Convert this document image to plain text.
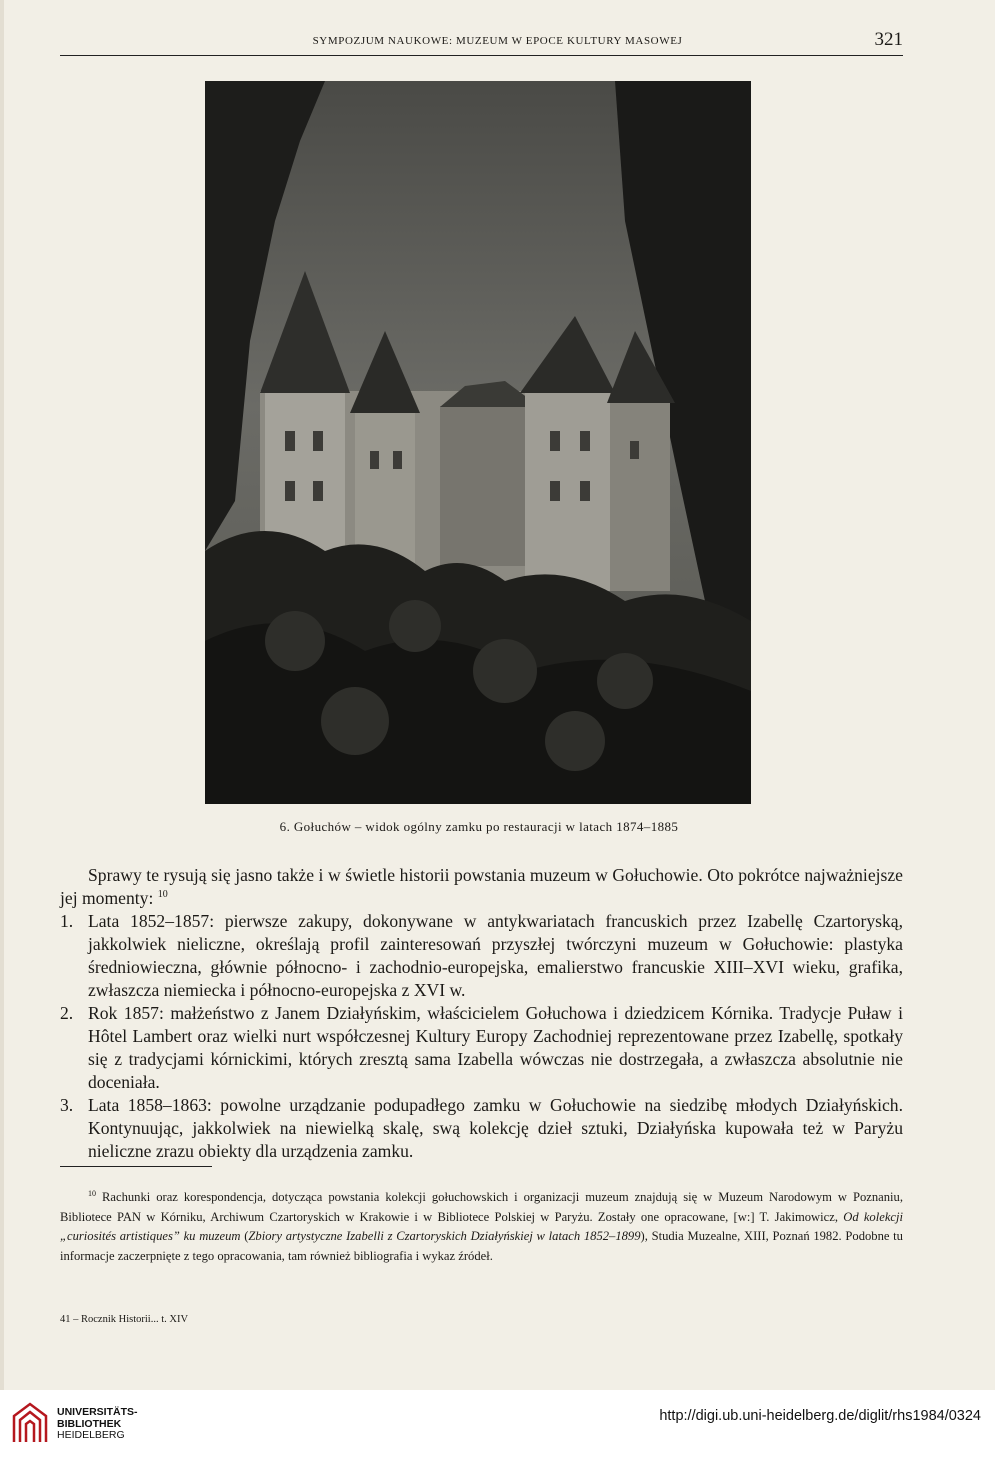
SYMPOZJUM NAUKOWE: MUZEUM W EPOCE KULTURY MASOWEJ	321
6. Gołuchów – widok ogólny zamku po restauracji w latach 1874–1885

Sprawy te rysują się jasno także i w świetle historii powstania muzeum w Gołuchowie. Oto pokrótce najważniejsze jej momenty: $^{10}$

1. Lata 1852–1857: pierwsze zakupy, dokonywane w antykwariatach francuskich przez Izabellę Czartoryską, jakkolwiek nieliczne, określają profil zainteresowań przyszłej twórczyni muzeum w Gołuchowie: plastyka średniowieczna, głównie północno- i zachodnio-europejska, emalierstwo francuskie XIII–XVI wieku, grafika, zwłaszcza niemiecka i północno-europejska z XVI w.
2. Rok 1857: małżeństwo z Janem Działyńskim, właścicielem Gołuchowa i dziedzicem Kórnika. Tradycje Puław i Hôtel Lambert oraz wielki nurt współczesnej Kultury Europy Zachodniej reprezentowane przez Izabellę, spotkały się z tradycjami kórnickimi, których zresztą sama Izabella wówczas nie dostrzegała, a zwłaszcza absolutnie nie doceniała.
3. Lata 1858–1863: powolne urządzanie podupadłego zamku w Gołuchowie na siedzibę młodych Działyńskich. Kontynuując, jakkolwiek na niewielką skalę, swą kolekcję dzieł sztuki, Działyńska kupowała też w Paryżu nieliczne zrazu obiekty dla urządzenia zamku.
$^{10}$ Rachunki oraz korespondencja, dotycząca powstania kolekcji gołuchowskich i organizacji muzeum znajdują się w Muzeum Narodowym w Poznaniu, Bibliotece PAN w Kórniku, Archiwum Czartoryskich w Krakowie i w Bibliotece Polskiej w Paryżu. Zostały one opracowane, [w:] T. Jakimowicz, Od kolekcji „curiosités artistiques” ku muzeum (Zbiory artystyczne Izabelli z Czartoryskich Działyńskiej w latach 1852–1899), Studia Muzealne, XIII, Poznań 1982. Podobne tu informacje zaczerpnięte z tego opracowania, tam również bibliografia i wykaz źródeł.
41 – Rocznik Historii... t. XIV
UNIVERSITÄTS-
BIBLIOTHEK
HEIDELBERG
http://digi.ub.uni-heidelberg.de/diglit/rhs1984/0324
